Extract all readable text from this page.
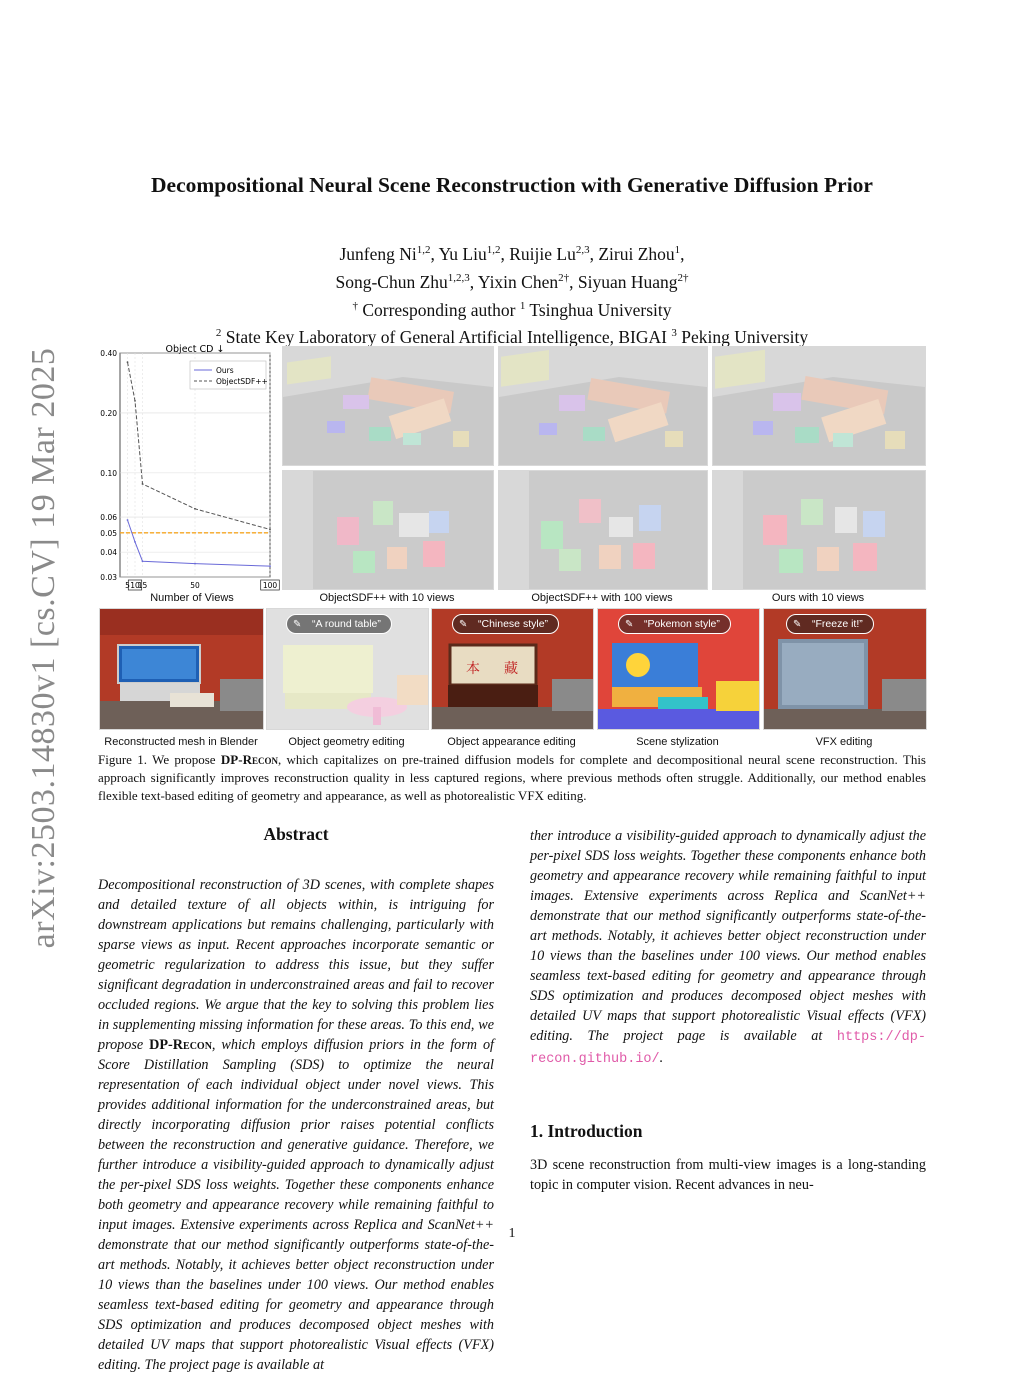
arXiv:2503.14830v1 [cs.CV] 19 Mar 2025
Decompositional Neural Scene Reconstruction with Generative Diffusion Prior
Junfeng Ni$^{1,2}$, Yu Liu$^{1,2}$, Ruijie Lu$^{2,3}$, Zirui Zhou$^1$,
Song-Chun Zhu$^{1,2,3}$, Yixin Chen$^{2\dagger}$, Siyuan Huang$^{2\dagger}$
† Corresponding author $^1$ Tsinghua University
$^2$ State Key Laboratory of General Artificial Intelligence, BIGAI $^3$ Peking University
Object CD ↓
0.40
0.20
0.10
0.06
0.05
0.04
0.03
5 10
15	50	100
Ours
ObjectSDF++
Number of Views	ObjectSDF++ with 10 views	ObjectSDF++ with 100 views	Ours with 10 views
本 藏
✎ “A round table”	✎ “Chinese style”	✎ “Pokemon style”	✎ “Freeze it!”
Reconstructed mesh in Blender	Object geometry editing	Object appearance editing	Scene stylization	VFX editing
Figure 1. We propose DP-Recon, which capitalizes on pre-trained diffusion models for complete and decompositional neural scene reconstruction. This approach significantly improves reconstruction quality in less captured regions, where previous methods often struggle. Additionally, our method enables flexible text-based editing of geometry and appearance, as well as photorealistic VFX editing.
Abstract

Decompositional reconstruction of 3D scenes, with complete shapes and detailed texture of all objects within, is intriguing for downstream applications but remains challenging, particularly with sparse views as input. Recent approaches incorporate semantic or geometric regularization to address this issue, but they suffer significant degradation in underconstrained areas and fail to recover occluded regions. We argue that the key to solving this problem lies in supplementing missing information for these areas. To this end, we propose DP-Recon, which employs diffusion priors in the form of Score Distillation Sampling (SDS) to optimize the neural representation of each individual object under novel views. This provides additional information for the underconstrained areas, but directly incorporating diffusion prior raises potential conflicts between the reconstruction and generative guidance. Therefore, we further introduce a visibility-guided approach to dynamically adjust the per-pixel SDS loss weights. Together these components enhance both geometry and appearance recovery while remaining faithful to input images. Extensive experiments across Replica and ScanNet++ demonstrate that our method significantly outperforms state-of-the-art methods. Notably, it achieves better object reconstruction under 10 views than the baselines under 100 views. Our method enables seamless text-based editing for geometry and appearance through SDS optimization and produces decomposed object meshes with detailed UV maps that support photorealistic Visual effects (VFX) editing. The project page is available at

ther introduce a visibility-guided approach to dynamically adjust the per-pixel SDS loss weights. Together these components enhance both geometry and appearance recovery while remaining faithful to input images. Extensive experiments across Replica and ScanNet++ demonstrate that our method significantly outperforms state-of-the-art methods. Notably, it achieves better object reconstruction under 10 views than the baselines under 100 views. Our method enables seamless text-based editing for geometry and appearance through SDS optimization and produces decomposed object meshes with detailed UV maps that support photorealistic Visual effects (VFX) editing. The project page is available at https://dp-recon.github.io/.

1. Introduction

3D scene reconstruction from multi-view images is a long-standing topic in computer vision. Recent advances in neu-

1
